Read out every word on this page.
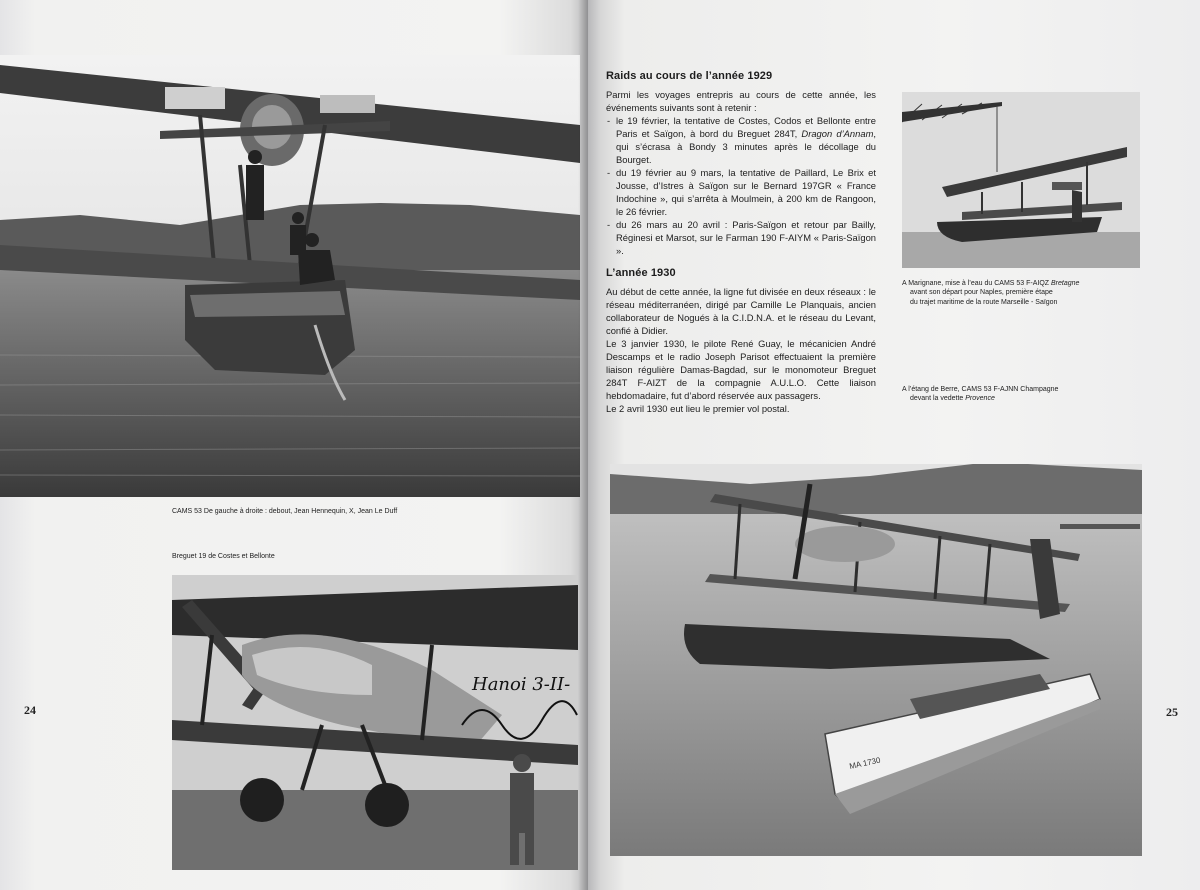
CAMS 53 De gauche à droite : debout, Jean Hennequin, X, Jean Le Duff
Breguet 19 de Costes et Bellonte
Hanoi 3-II-
24
A Marignane, mise à l’eau du CAMS 53 F-AIQZ Bretagne
avant son départ pour Naples, première étape
du trajet maritime de la route Marseille - Saïgon
A l’étang de Berre, CAMS 53 F-AJNN Champagne
devant la vedette Provence
MA 1730
Raids au cours de l’année 1929

Parmi les voyages entrepris au cours de cette année, les événements suivants sont à retenir :

- le 19 février, la tentative de Costes, Codos et Bellonte entre Paris et Saïgon, à bord du Breguet 284T, Dragon d’Annam, qui s’écrasa à Bondy 3 minutes après le décollage du Bourget.
- du 19 février au 9 mars, la tentative de Paillard, Le Brix et Jousse, d’Istres à Saïgon sur le Bernard 197GR « France Indochine », qui s’arrêta à Moulmein, à 200 km de Rangoon, le 26 février.
- du 26 mars au 20 avril : Paris-Saïgon et retour par Bailly, Réginesi et Marsot, sur le Farman 190 F-AIYM « Paris-Saïgon ».
L’année 1930

Au début de cette année, la ligne fut divisée en deux réseaux : le réseau méditerranéen, dirigé par Camille Le Planquais, ancien collaborateur de Nogués à la C.I.D.N.A. et le réseau du Levant, confié à Didier.

Le 3 janvier 1930, le pilote René Guay, le mécanicien André Descamps et le radio Joseph Parisot effectuaient la première liaison régulière Damas-Bagdad, sur le monomoteur Breguet 284T F-AIZT de la compagnie A.U.L.O. Cette liaison hebdomadaire, fut d’abord réservée aux passagers.

Le 2 avril 1930 eut lieu le premier vol postal.

25
